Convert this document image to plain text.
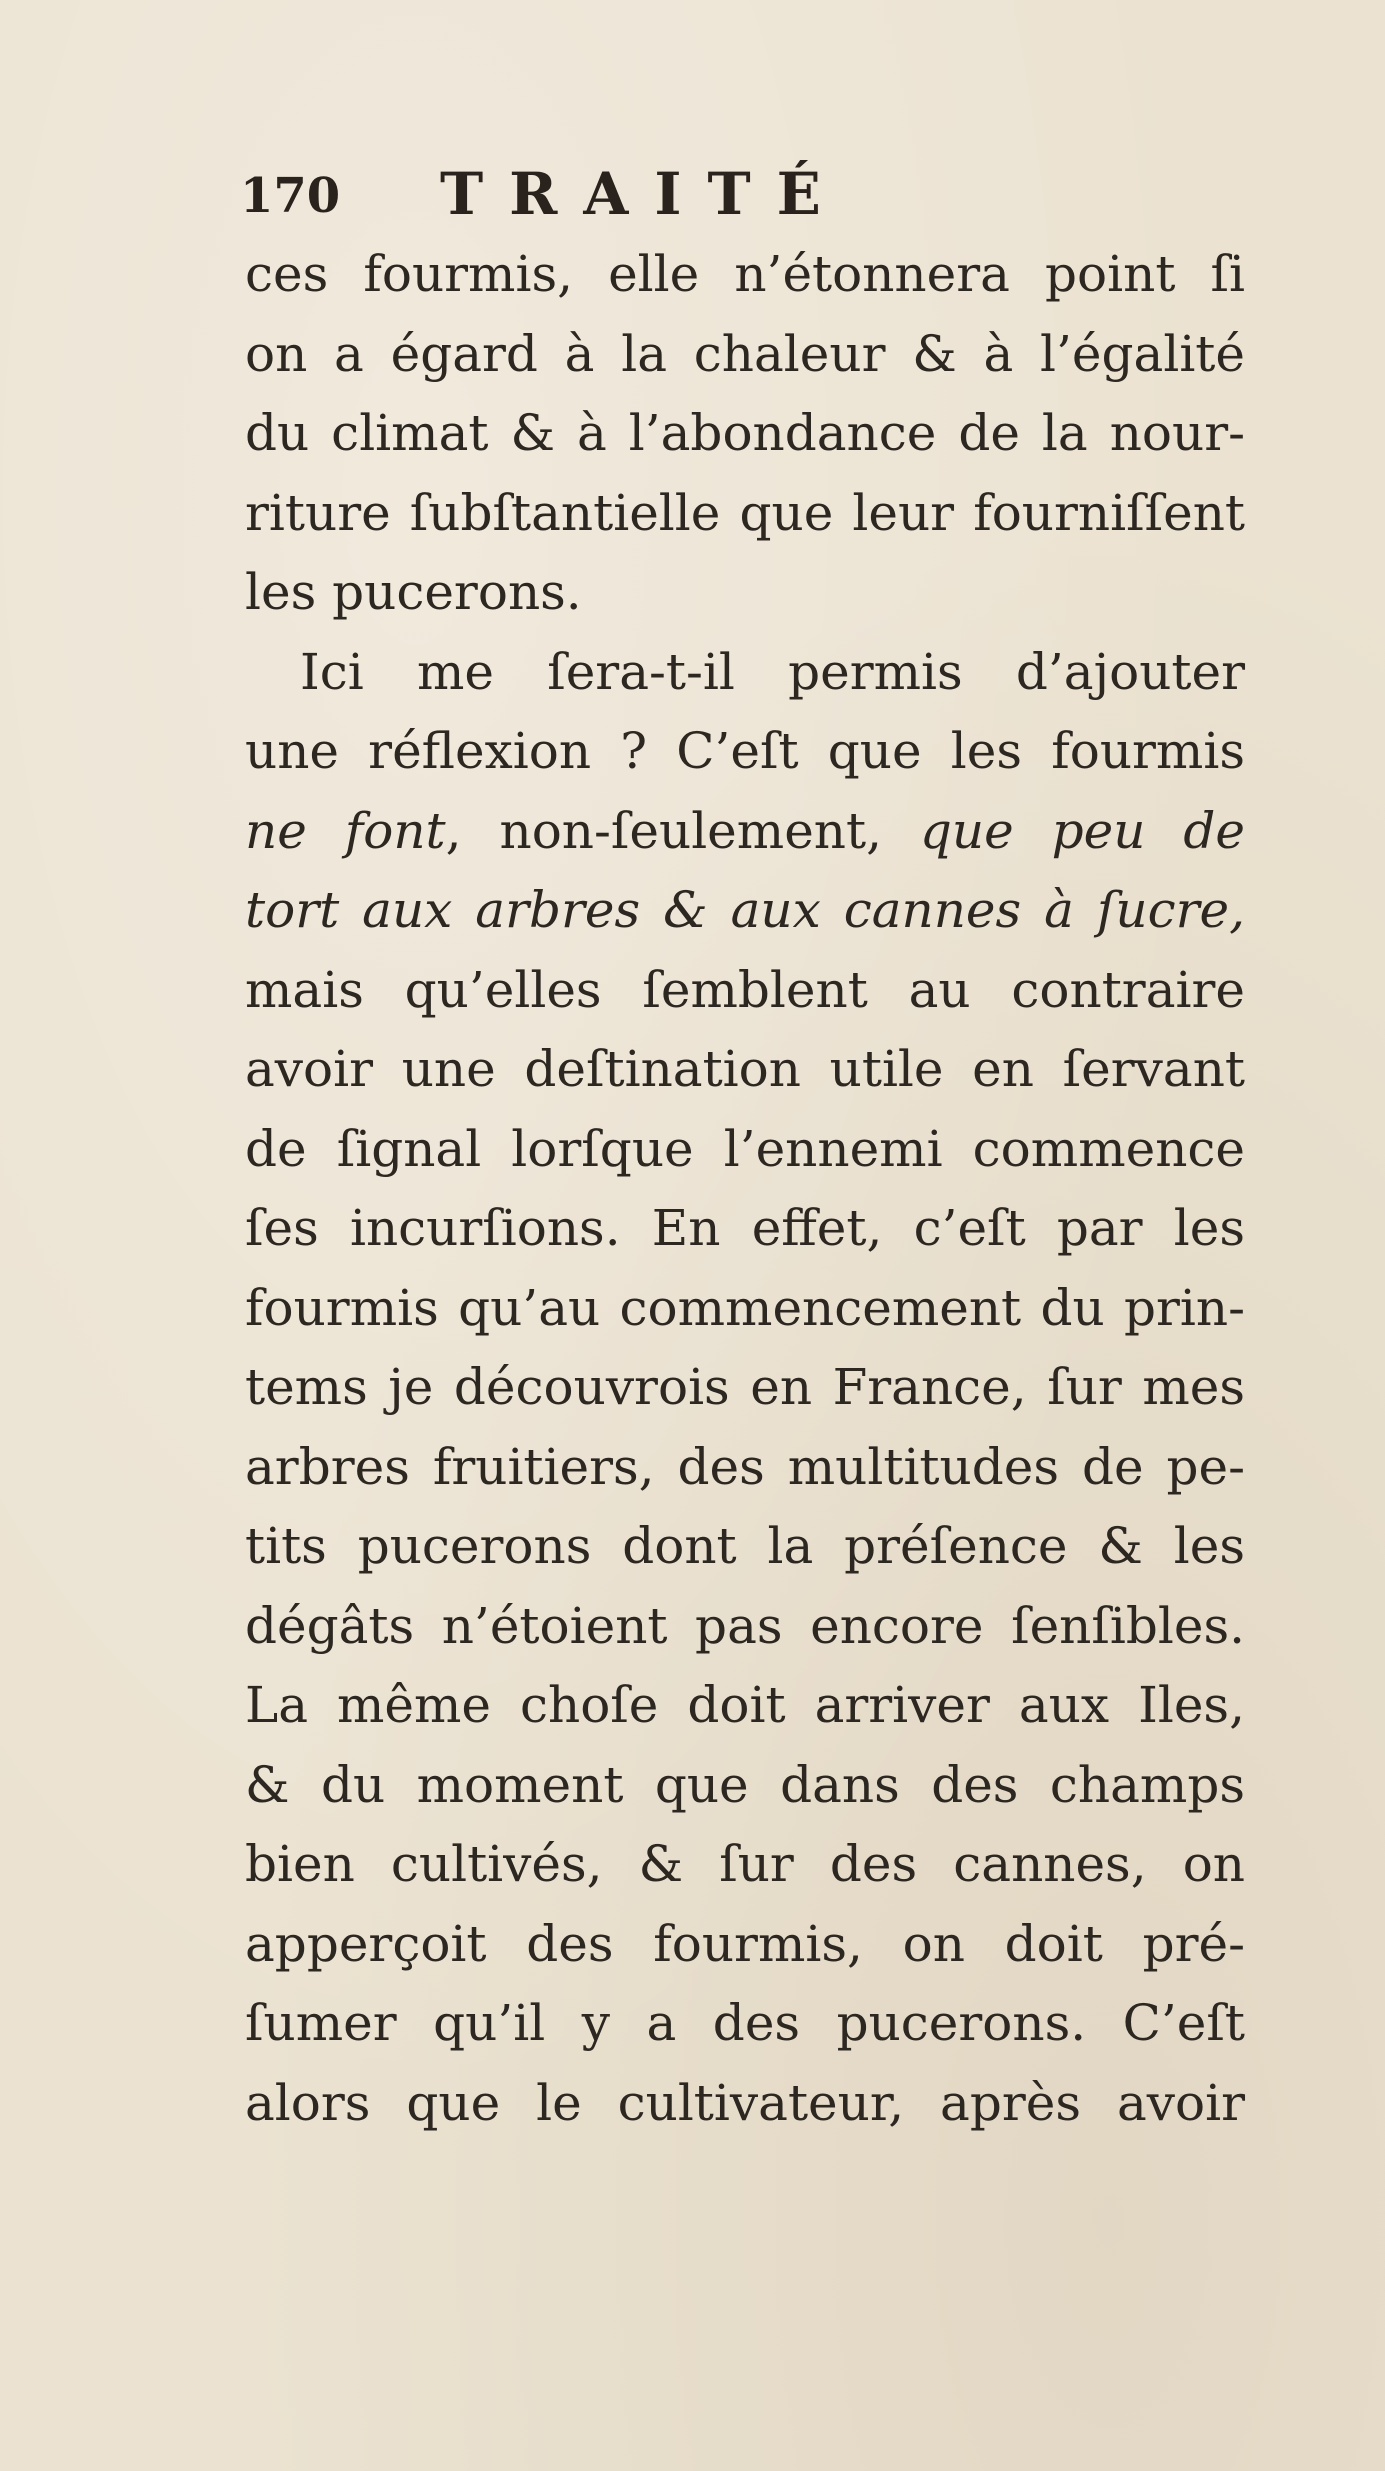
170 TRAITÉ
ces fourmis, elle n’étonnera point ſi
on a égard à la chaleur & à l’égalité
du climat & à l’abondance de la nour-
riture ſubſtantielle que leur fourniſſent
les pucerons.
Ici me ſera-t-il permis d’ajouter
une réflexion ? C’eſt que les fourmis
ne font, non-ſeulement, que peu de
tort aux arbres & aux cannes à ſucre,
mais qu’elles ſemblent au contraire
avoir une deſtination utile en ſervant
de ſignal lorſque l’ennemi commence
ſes incurſions. En effet, c’eſt par les
fourmis qu’au commencement du prin-
tems je découvrois en France, ſur mes
arbres fruitiers, des multitudes de pe-
tits pucerons dont la préſence & les
dégâts n’étoient pas encore ſenſibles.
La même choſe doit arriver aux Iles,
& du moment que dans des champs
bien cultivés, & ſur des cannes, on
apperçoit des fourmis, on doit pré-
ſumer qu’il y a des pucerons. C’eſt
alors que le cultivateur, après avoir
